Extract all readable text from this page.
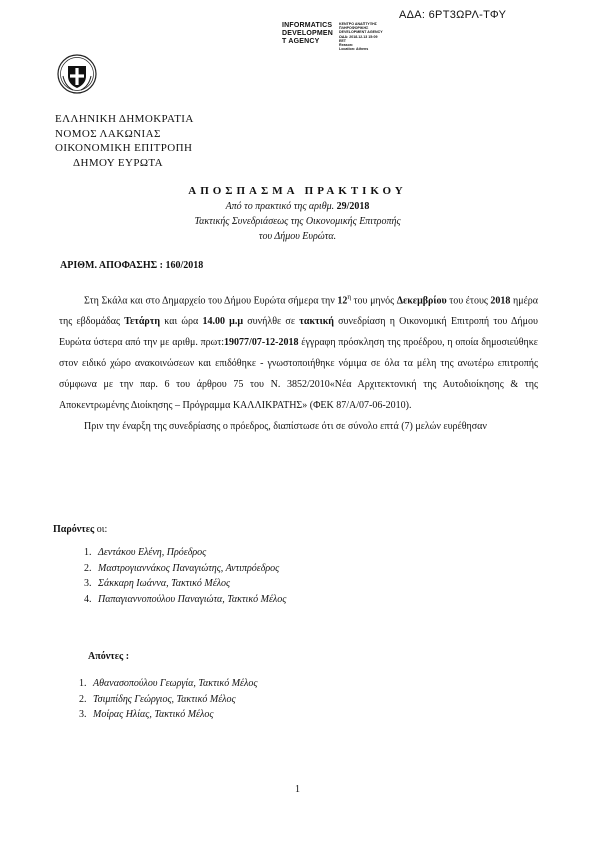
ΑΔΑ: 6ΡΤ3ΩΡΛ-ΤΦΥ
INFORMATICS
DEVELOPMEN
T AGENCY
ΚΕΝΤΡΟ ΑΝΑΠΤΥΞΗΣ
ΠΛΗΡΟΦΟΡΙΚΗΣ
DEVELOPMENT AGENCY
ΩΔΑ: 2018.12.13 15:09
EET
Reason:
Location: Athens
ΕΛΛΗΝΙΚΗ ΔΗΜΟΚΡΑΤΙΑ
ΝΟΜΟΣ ΛΑΚΩΝΙΑΣ
ΟΙΚΟΝΟΜΙΚΗ ΕΠΙΤΡΟΠΗ
ΔΗΜΟΥ ΕΥΡΩΤΑ
ΑΠΟΣΠΑΣΜΑ ΠΡΑΚΤΙΚΟΥ
Από το πρακτικό της αριθμ. 29/2018
Τακτικής Συνεδριάσεως της Οικονομικής Επιτροπής
του Δήμου Ευρώτα.
ΑΡΙΘΜ. ΑΠΟΦΑΣΗΣ : 160/2018

Στη Σκάλα και στο Δημαρχείο του Δήμου Ευρώτα σήμερα την $12^\eta$ του μηνός Δεκεμβρίου του έτους 2018 ημέρα της εβδομάδας Τετάρτη και ώρα 14.00 μ.μ συνήλθε σε τακτική συνεδρίαση η Οικονομική Επιτροπή του Δήμου Ευρώτα ύστερα από την με αριθμ. πρωτ:19077/07-12-2018 έγγραφη πρόσκληση της προέδρου, η οποία δημοσιεύθηκε στον ειδικό χώρο ανακοινώσεων και επιδόθηκε - γνωστοποιήθηκε νόμιμα σε όλα τα μέλη της ανωτέρω επιτροπής σύμφωνα με την παρ. 6 του άρθρου 75 του Ν. 3852/2010«Νέα Αρχιτεκτονική της Αυτοδιοίκησης & της Αποκεντρωμένης Διοίκησης – Πρόγραμμα ΚΑΛΛΙΚΡΑΤΗΣ» (ΦΕΚ 87/Α/07-06-2010).

Πριν την έναρξη της συνεδρίασης ο πρόεδρος, διαπίστωσε ότι σε σύνολο επτά (7) μελών ευρέθησαν

Παρόντες οι:
1. Δεντάκου Ελένη, Πρόεδρος
2. Μαστρογιαννάκος Παναγιώτης, Αντιπρόεδρος
3. Σάκκαρη Ιωάννα, Τακτικό Μέλος
4. Παπαγιαννοπούλου Παναγιώτα, Τακτικό Μέλος
Απόντες :
1. Αθανασοπούλου Γεωργία, Τακτικό Μέλος
2. Τσιμπίδης Γεώργιος, Τακτικό Μέλος
3. Μοίρας Ηλίας, Τακτικό Μέλος
1
